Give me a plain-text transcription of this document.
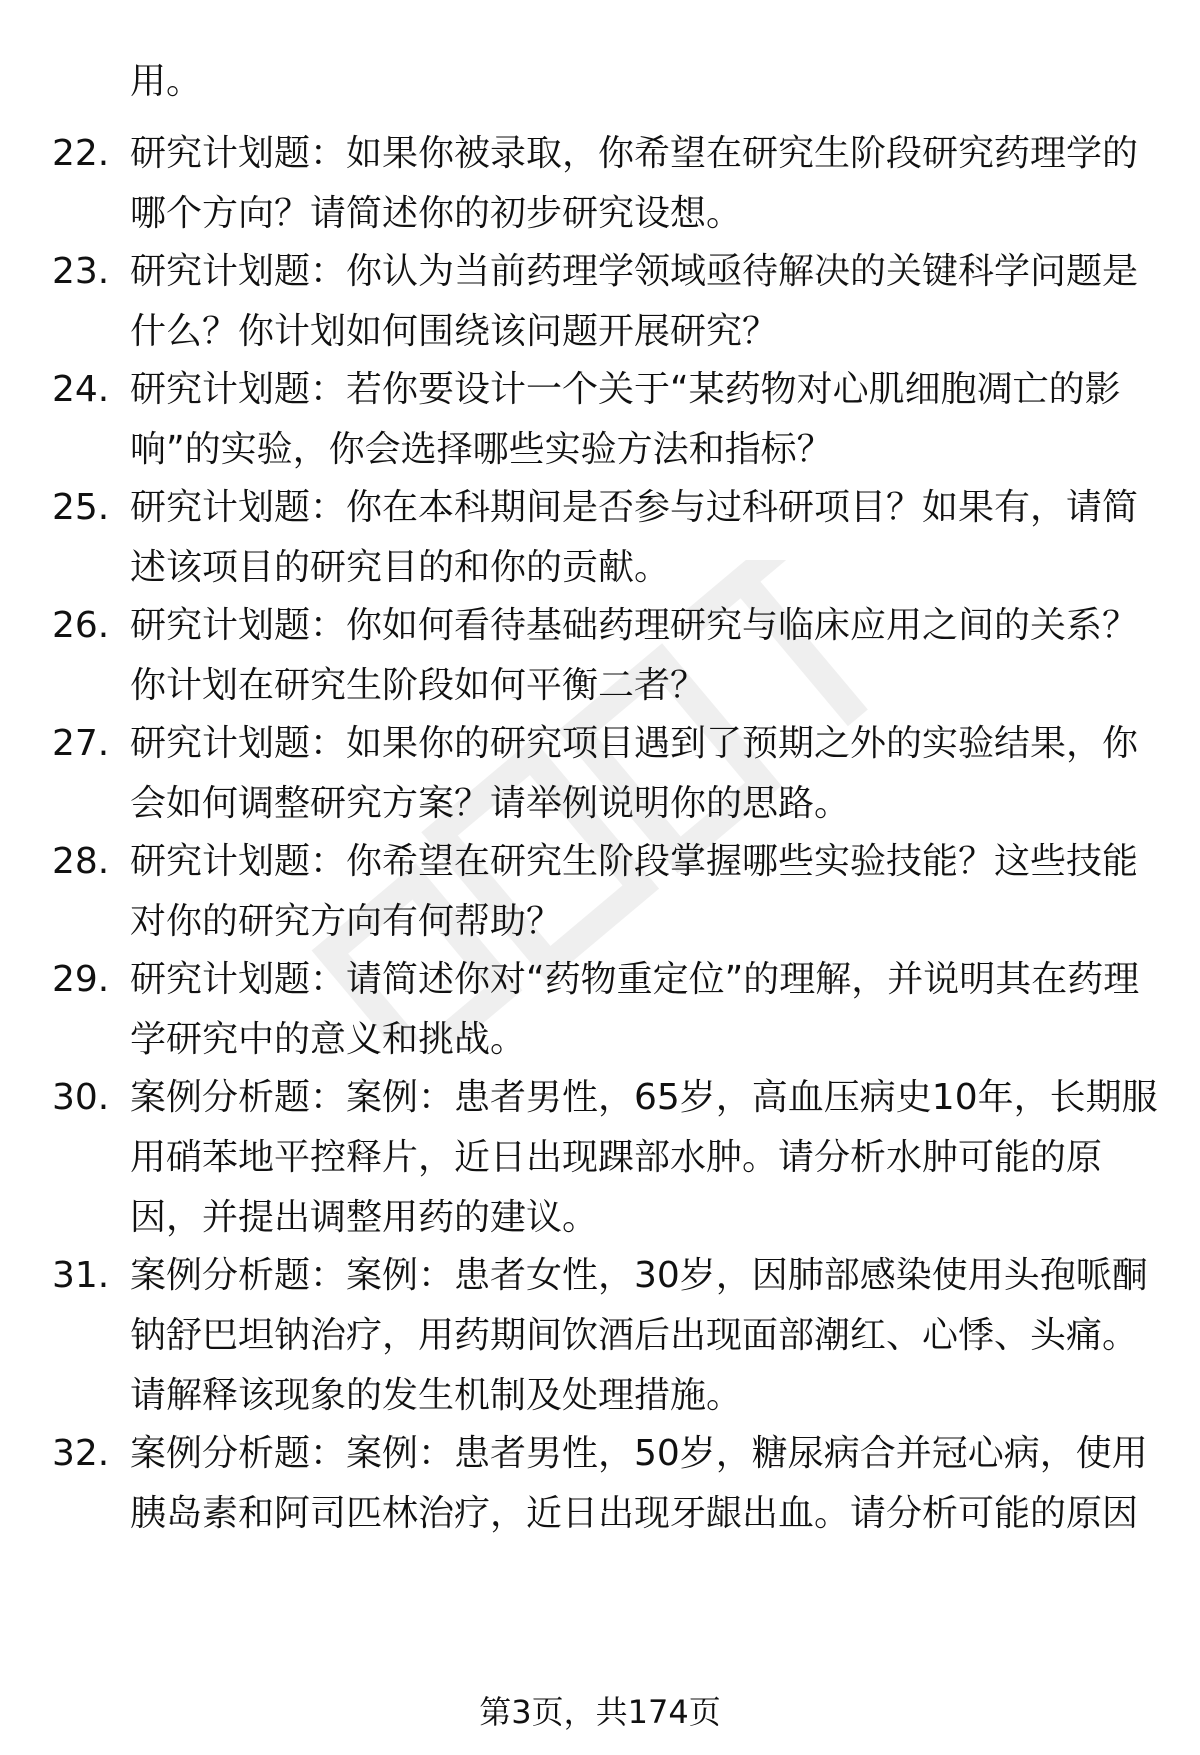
用。
22. 研究计划题：如果你被录取，你希望在研究生阶段研究药理学的哪个方向？请简述你的初步研究设想。
23. 研究计划题：你认为当前药理学领域亟待解决的关键科学问题是什么？你计划如何围绕该问题开展研究？
24. 研究计划题：若你要设计一个关于“某药物对心肌细胞凋亡的影响”的实验，你会选择哪些实验方法和指标？
25. 研究计划题：你在本科期间是否参与过科研项目？如果有，请简述该项目的研究目的和你的贡献。
26. 研究计划题：你如何看待基础药理研究与临床应用之间的关系？你计划在研究生阶段如何平衡二者？
27. 研究计划题：如果你的研究项目遇到了预期之外的实验结果，你会如何调整研究方案？请举例说明你的思路。
28. 研究计划题：你希望在研究生阶段掌握哪些实验技能？这些技能对你的研究方向有何帮助？
29. 研究计划题：请简述你对“药物重定位”的理解，并说明其在药理学研究中的意义和挑战。
30. 案例分析题：案例：患者男性，65岁，高血压病史10年，长期服用硝苯地平控释片，近日出现踝部水肿。请分析水肿可能的原因，并提出调整用药的建议。
31. 案例分析题：案例：患者女性，30岁，因肺部感染使用头孢哌酮钠舒巴坦钠治疗，用药期间饮酒后出现面部潮红、心悸、头痛。请解释该现象的发生机制及处理措施。
32. 案例分析题：案例：患者男性，50岁，糖尿病合并冠心病，使用胰岛素和阿司匹林治疗，近日出现牙龈出血。请分析可能的原因
第3页，共174页
